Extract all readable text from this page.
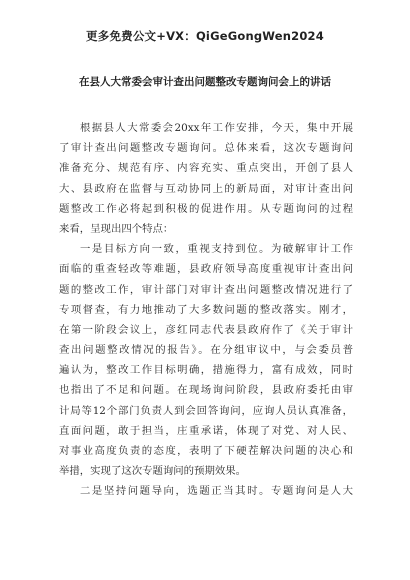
更多免费公文+VX：QiGeGongWen2024
在县人大常委会审计查出问题整改专题询问会上的讲话
根据县人大常委会20xx年工作安排，今天，集中开展
了审计查出问题整改专题询问。总体来看，这次专题询问
准备充分、规范有序、内容充实、重点突出，开创了县人
大、县政府在监督与互动协同上的新局面，对审计查出问
题整改工作必将起到积极的促进作用。从专题询问的过程
来看，呈现出四个特点：
一是目标方向一致，重视支持到位。为破解审计工作
面临的重查轻改等难题，县政府领导高度重视审计查出问
题的整改工作，审计部门对审计查出问题整改情况进行了
专项督查，有力地推动了大多数问题的整改落实。刚才，
在第一阶段会议上，彦红同志代表县政府作了《关于审计
查出问题整改情况的报告》。在分组审议中，与会委员普
遍认为，整改工作目标明确，措施得力，富有成效，同时
也指出了不足和问题。在现场询问阶段，县政府委托由审
计局等12个部门负责人到会回答询问，应询人员认真准备，
直面问题，敢于担当，庄重承诺，体现了对党、对人民、
对事业高度负责的态度，表明了下硬茬解决问题的决心和
举措，实现了这次专题询问的预期效果。
二是坚持问题导向，选题正当其时。专题询问是人大
